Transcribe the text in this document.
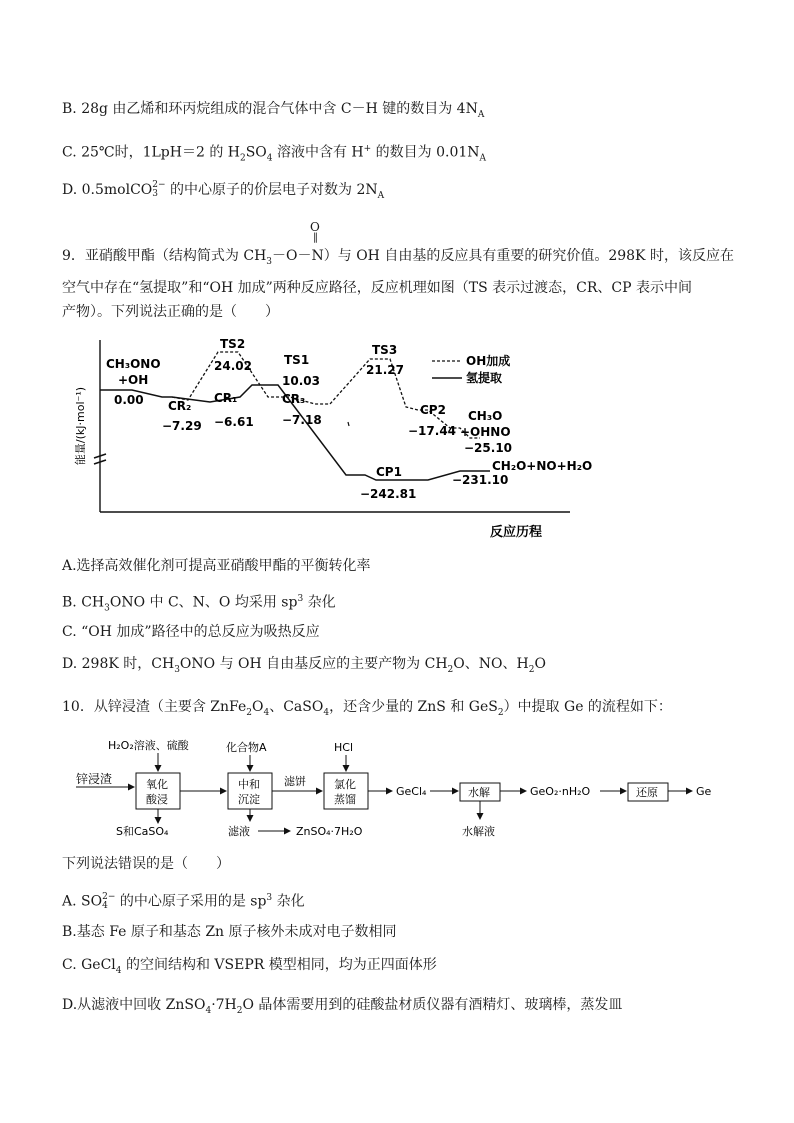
B. 28g 由乙烯和环丙烷组成的混合气体中含 C－H 键的数目为 $4N_A$
C. 25℃时，1LpH＝2 的 $H_2SO_4$ 溶液中含有 H+ 的数目为 $0.01N_A$
D. 0.5molCO 2−
3 的中心原子的价层电子对数为 $2N_A$
O
‖
9．亚硝酸甲酯（结构简式为 $CH_3-O-N$）与 OH 自由基的反应具有重要的研究价值。298K 时，该反应在
空气中存在“氢提取”和“OH 加成”两种反应路径，反应机理如图（TS 表示过渡态，CR、CP 表示中间
产物）。下列说法正确的是（　　）
能量/(kJ·mol⁻¹)
反应历程
OH加成
氢提取
CH₃ONO
+OH
0.00 CR₂
−7.29
TS2
24.02
CR₁
−6.61
TS1
10.03
CR₃
−7.18
TS3
21.27
CP2
−17.44
CH₃O
+OHNO
−25.10
CP1
−242.81
CH₂O+NO+H₂O
−231.10
A.选择高效催化剂可提高亚硝酸甲酯的平衡转化率
B. $CH_3ONO$ 中 C、N、O 均采用 $sp^3$ 杂化
C. “OH 加成”路径中的总反应为吸热反应
D. 298K 时，$CH_3ONO$ 与 OH 自由基反应的主要产物为 $CH_2O$、NO、$H_2O$
10．从锌浸渣（主要含 $ZnFe_2O_4$、CaSO$_4$，还含少量的 ZnS 和 GeS$_2$）中提取 Ge 的流程如下：
H₂O₂溶液、硫酸	化合物A	HCl
锌浸渣	氧化
酸浸
S和CaSO₄
中和
沉淀
滤饼
滤液	ZnSO₄·7H₂O
氯化
蒸馏
GeCl₄	水解
水解液
GeO₂·nH₂O	还原	Ge
下列说法错误的是（　　）
A. SO 2−
4 的中心原子采用的是 $sp^3$ 杂化
B.基态 Fe 原子和基态 Zn 原子核外未成对电子数相同
C. GeCl$_4$ 的空间结构和 VSEPR 模型相同，均为正四面体形
D.从滤液中回收 $ZnSO_4\cdot 7H_2O$ 晶体需要用到的硅酸盐材质仪器有酒精灯、玻璃棒，蒸发皿
